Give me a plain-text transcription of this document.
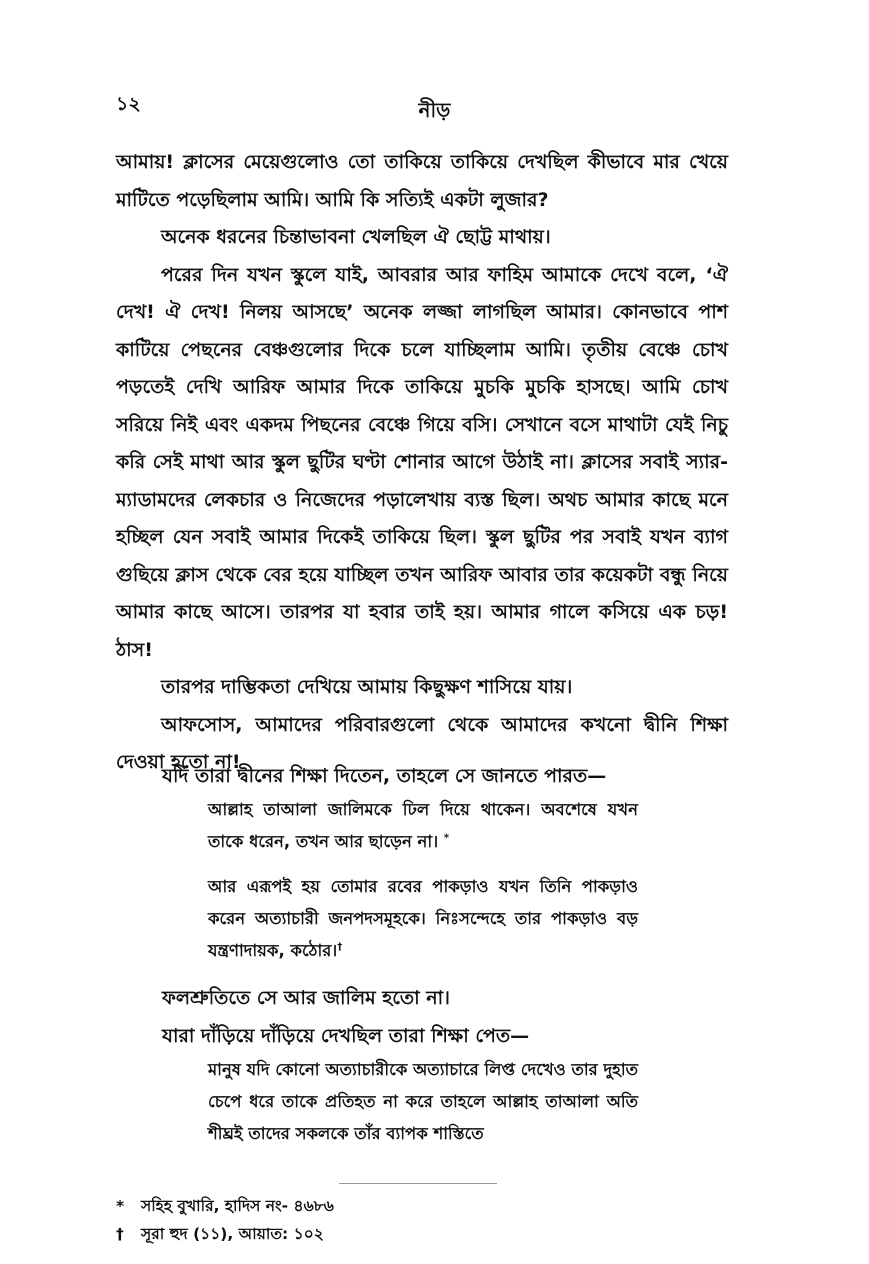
১২	নীড়

আমায়! ক্লাসের মেয়েগুলোও তো তাকিয়ে তাকিয়ে দেখছিল কীভাবে মার খেয়ে মাটিতে পড়েছিলাম আমি। আমি কি সত্যিই একটা লুজার?

অনেক ধরনের চিন্তাভাবনা খেলছিল ঐ ছোট্ট মাথায়।

পরের দিন যখন স্কুলে যাই, আবরার আর ফাহিম আমাকে দেখে বলে, ‘ঐ দেখ! ঐ দেখ! নিলয় আসছে’ অনেক লজ্জা লাগছিল আমার। কোনভাবে পাশ কাটিয়ে পেছনের বেঞ্চগুলোর দিকে চলে যাচ্ছিলাম আমি। তৃতীয় বেঞ্চে চোখ পড়তেই দেখি আরিফ আমার দিকে তাকিয়ে মুচকি মুচকি হাসছে। আমি চোখ সরিয়ে নিই এবং একদম পিছনের বেঞ্চে গিয়ে বসি। সেখানে বসে মাথাটা যেই নিচু করি সেই মাথা আর স্কুল ছুটির ঘণ্টা শোনার আগে উঠাই না। ক্লাসের সবাই স্যার-ম্যাডামদের লেকচার ও নিজেদের পড়ালেখায় ব্যস্ত ছিল। অথচ আমার কাছে মনে হচ্ছিল যেন সবাই আমার দিকেই তাকিয়ে ছিল। স্কুল ছুটির পর সবাই যখন ব্যাগ গুছিয়ে ক্লাস থেকে বের হয়ে যাচ্ছিল তখন আরিফ আবার তার কয়েকটা বন্ধু নিয়ে আমার কাছে আসে। তারপর যা হবার তাই হয়। আমার গালে কসিয়ে এক চড়! ঠাস!

তারপর দাম্ভিকতা দেখিয়ে আমায় কিছুক্ষণ শাসিয়ে যায়।

আফসোস, আমাদের পরিবারগুলো থেকে আমাদের কখনো দ্বীনি শিক্ষা দেওয়া হতো না!

যদি তারা দ্বীনের শিক্ষা দিতেন, তাহলে সে জানতে পারত—

আল্লাহ তাআলা জালিমকে ঢিল দিয়ে থাকেন। অবশেষে যখন তাকে ধরেন, তখন আর ছাড়েন না। *

আর এরূপই হয় তোমার রবের পাকড়াও যখন তিনি পাকড়াও করেন অত্যাচারী জনপদসমূহকে। নিঃসন্দেহে তার পাকড়াও বড় যন্ত্রণাদায়ক, কঠোর।†

ফলশ্রুতিতে সে আর জালিম হতো না।

যারা দাঁড়িয়ে দাঁড়িয়ে দেখছিল তারা শিক্ষা পেত—

মানুষ যদি কোনো অত্যাচারীকে অত্যাচারে লিপ্ত দেখেও তার দুহাত চেপে ধরে তাকে প্রতিহত না করে তাহলে আল্লাহ তাআলা অতি শীঘ্রই তাদের সকলকে তাঁর ব্যাপক শাস্তিতে

* সহিহ বুখারি, হাদিস নং- ৪৬৮৬
† সূরা হুদ (১১), আয়াত: ১০২
